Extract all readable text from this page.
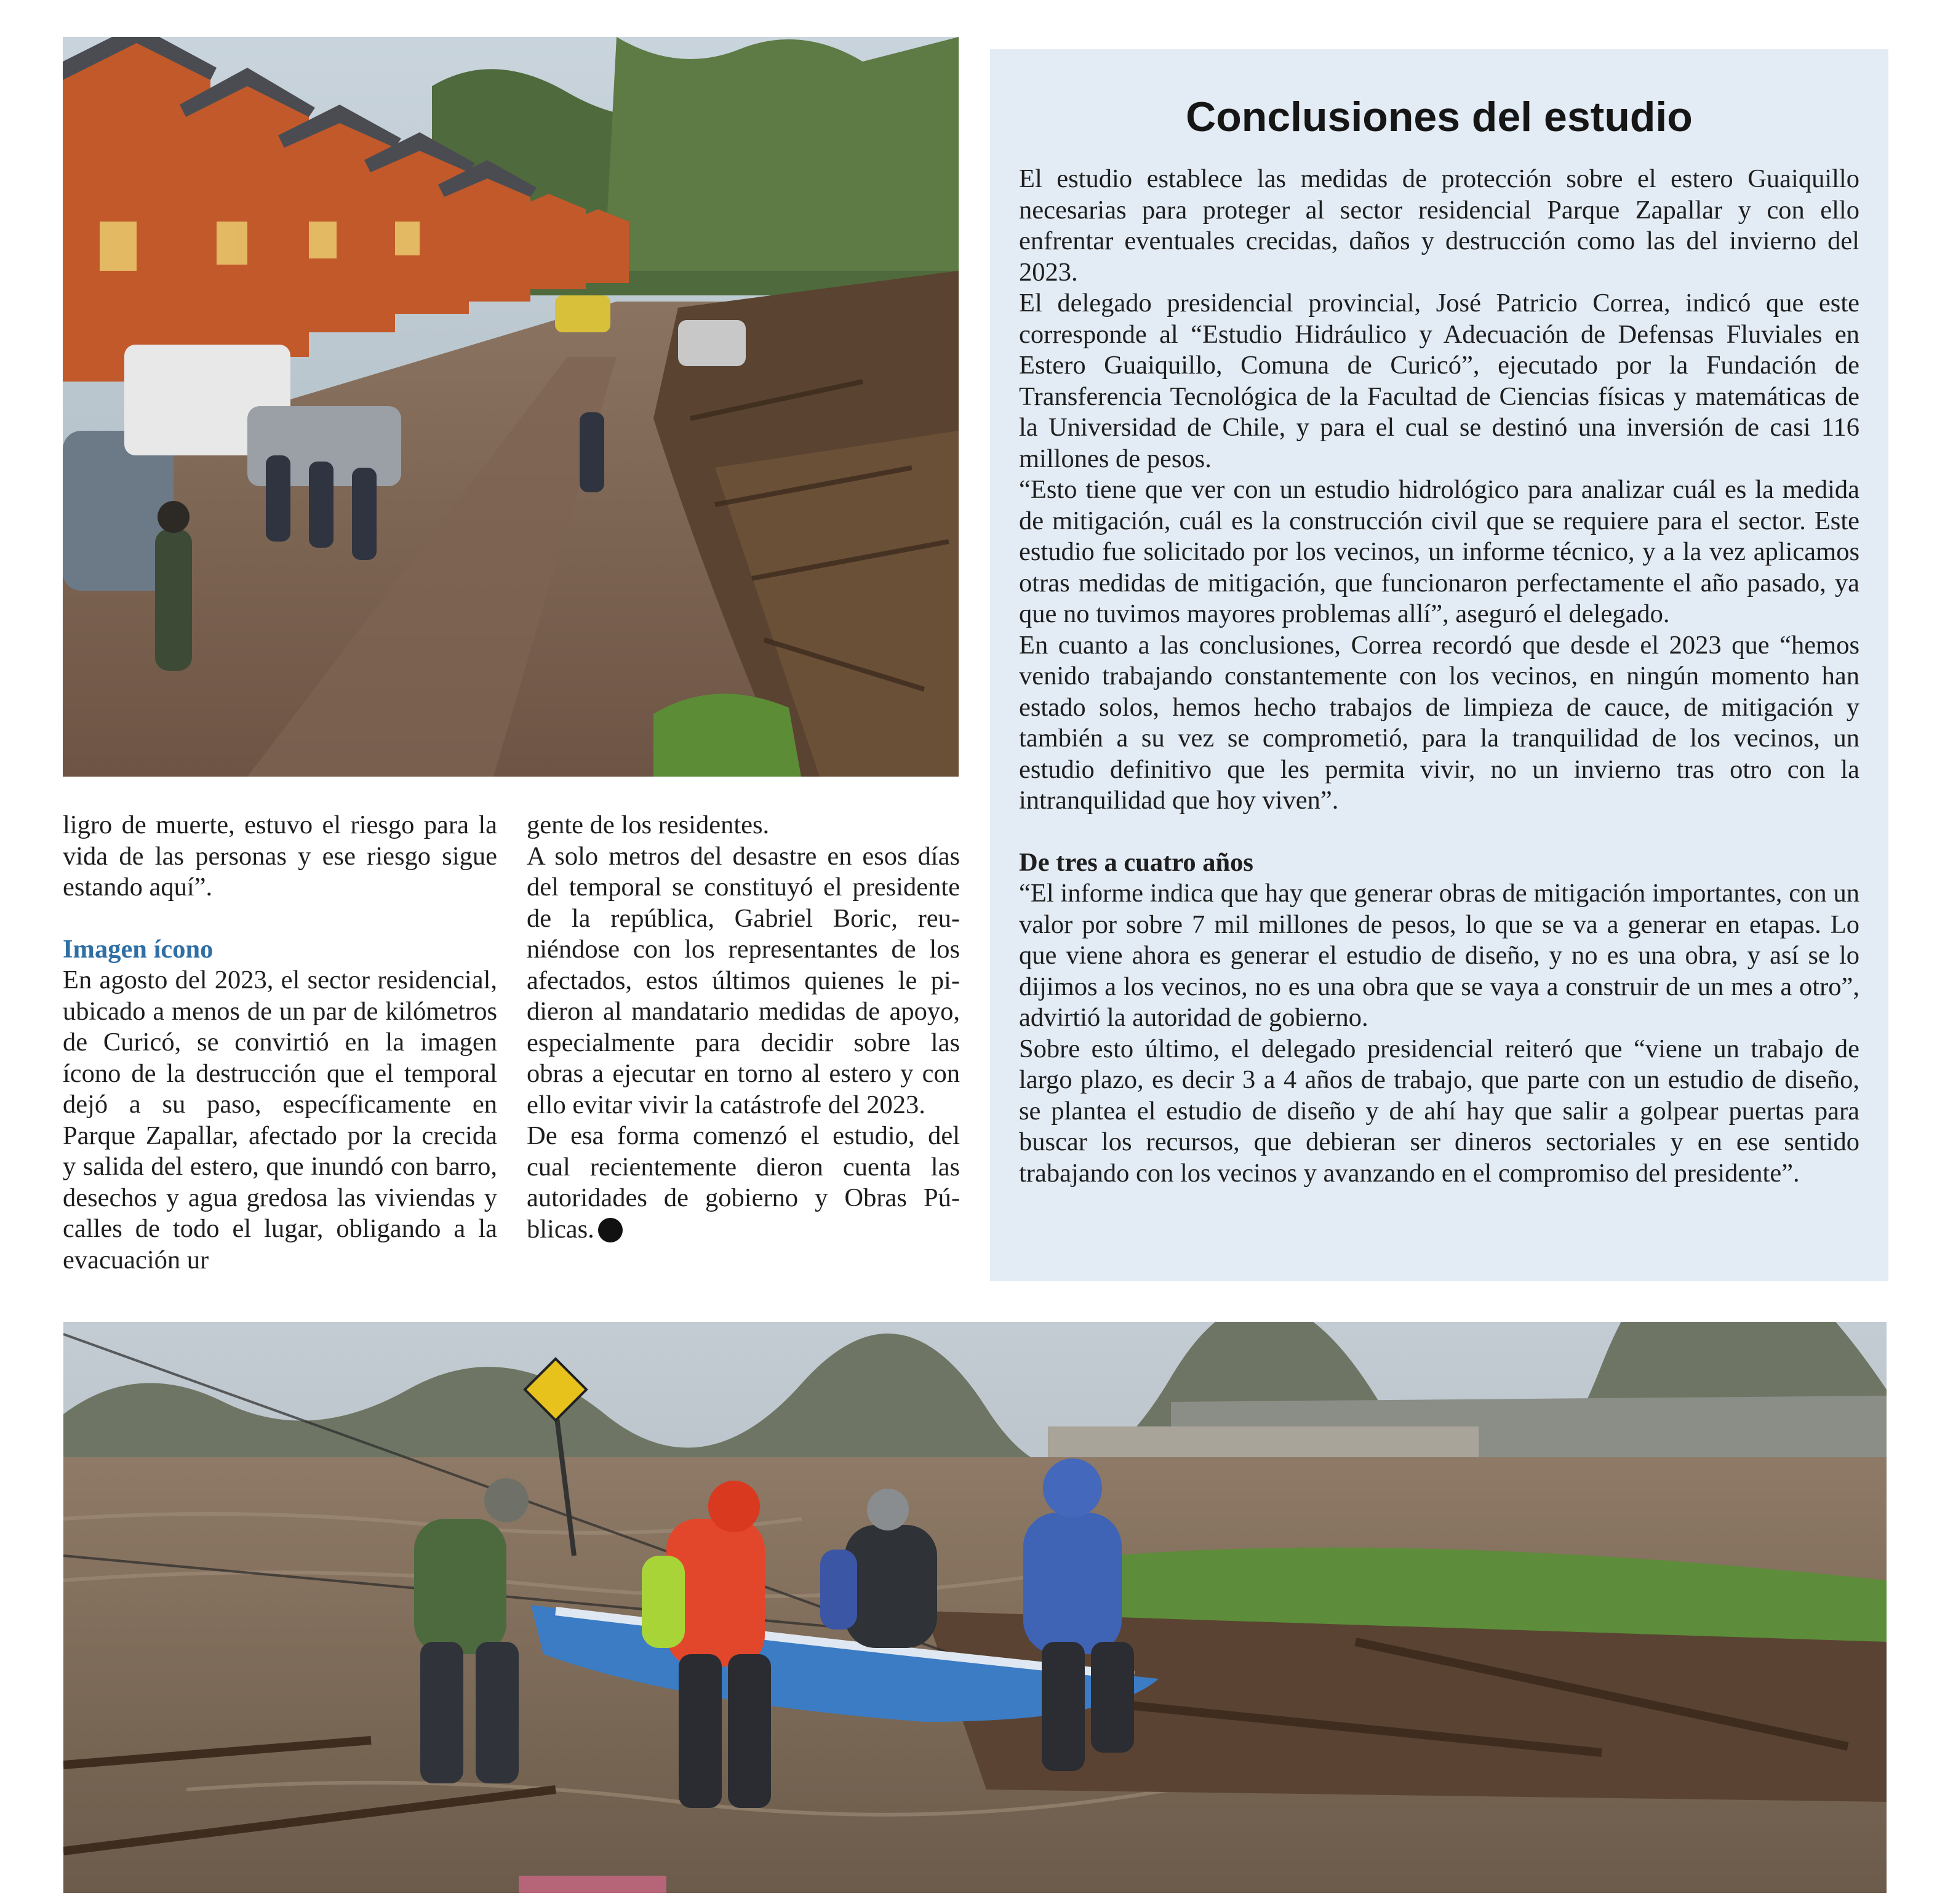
ligro de muerte, estuvo el riesgo para la vida de las personas y ese riesgo sigue estando aquí”.

Imagen ícono

En agosto del 2023, el sector residencial, ubicado a menos de un par de kilómetros de Curicó, se convirtió en la imagen ícono de la destrucción que el temporal dejó a su paso, específicamente en Parque Zapallar, afectado por la crecida y salida del estero, que inundó con barro, desechos y agua gredosa las viviendas y calles de todo el lugar, obligando a la evacuación ur

gente de los residentes.

A solo metros del desastre en esos días del temporal se constituyó el presidente de la república, Gabriel Boric, reuniéndose con los representantes de los afectados, estos últimos quienes le pidieron al mandatario medidas de apoyo, especialmente para decidir sobre las obras a ejecutar en torno al estero y con ello evitar vivir la catástrofe del 2023.

De esa forma comenzó el estudio, del cual recientemente dieron cuenta las autoridades de gobierno y Obras Públicas.

Conclusiones del estudio

El estudio establece las medidas de protección sobre el estero Guaiquillo necesarias para proteger al sector residencial Parque Zapallar y con ello enfrentar eventuales crecidas, daños y destrucción como las del invierno del 2023.

El delegado presidencial provincial, José Patricio Correa, indicó que este corresponde al “Estudio Hidráulico y Adecuación de Defensas Fluviales en Estero Guaiquillo, Comuna de Curicó”, ejecutado por la Fundación de Transferencia Tecnológica de la Facultad de Ciencias físicas y matemáticas de la Universidad de Chile, y para el cual se destinó una inversión de casi 116 millones de pesos.

“Esto tiene que ver con un estudio hidrológico para analizar cuál es la medida de mitigación, cuál es la construcción civil que se requiere para el sector. Este estudio fue solicitado por los vecinos, un informe técnico, y a la vez aplicamos otras medidas de mitigación, que funcionaron perfectamente el año pasado, ya que no tuvimos mayores problemas allí”, aseguró el delegado.

En cuanto a las conclusiones, Correa recordó que desde el 2023 que “hemos venido trabajando constantemente con los vecinos, en ningún momento han estado solos, hemos hecho trabajos de limpieza de cauce, de mitigación y también a su vez se comprometió, para la tranquilidad de los vecinos, un estudio definitivo que les permita vivir, no un invierno tras otro con la intranquilidad que hoy viven”.

De tres a cuatro años

“El informe indica que hay que generar obras de mitigación importantes, con un valor por sobre 7 mil millones de pesos, lo que se va a generar en etapas. Lo que viene ahora es generar el estudio de diseño, y no es una obra, y así se lo dijimos a los vecinos, no es una obra que se vaya a construir de un mes a otro”, advirtió la autoridad de gobierno.

Sobre esto último, el delegado presidencial reiteró que “viene un trabajo de largo plazo, es decir 3 a 4 años de trabajo, que parte con un estudio de diseño, se plantea el estudio de diseño y de ahí hay que salir a golpear puertas para buscar los recursos, que debieran ser dineros sectoriales y en ese sentido trabajando con los vecinos y avanzando en el compromiso del presidente”.
